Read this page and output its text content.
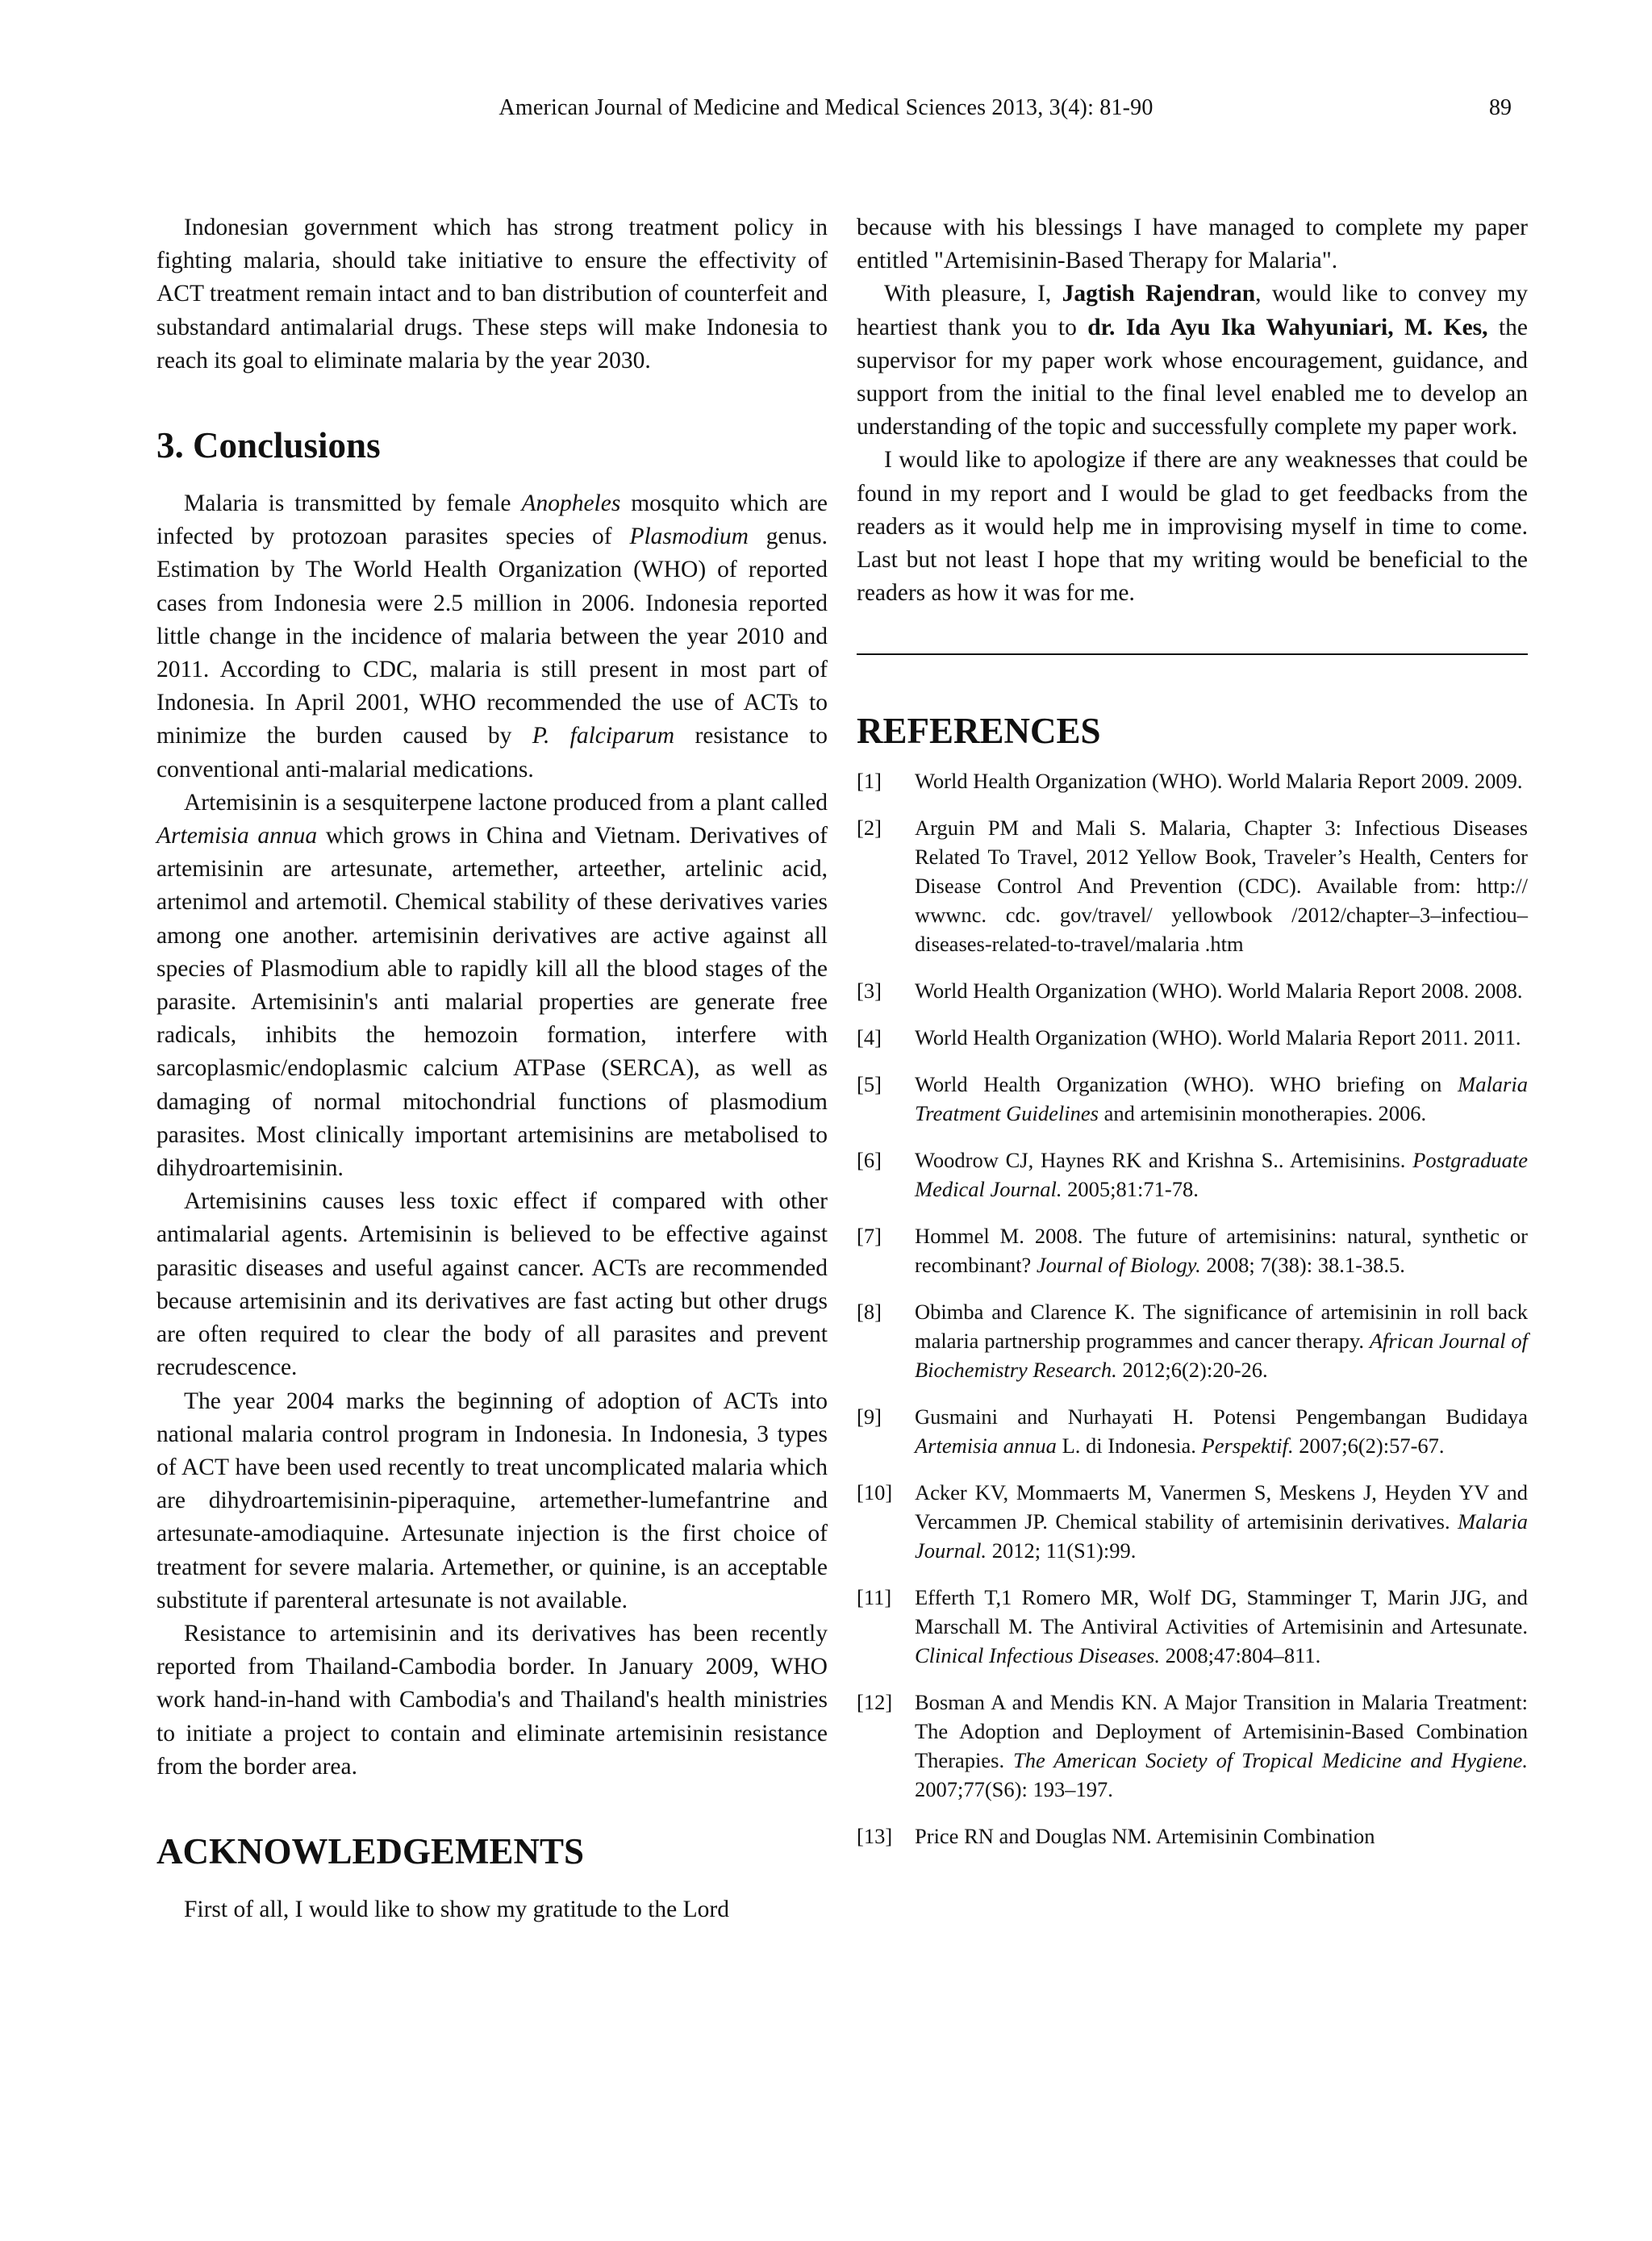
American Journal of Medicine and Medical Sciences 2013, 3(4): 81-90	89

Indonesian government which has strong treatment policy in fighting malaria, should take initiative to ensure the effectivity of ACT treatment remain intact and to ban distribution of counterfeit and substandard antimalarial drugs. These steps will make Indonesia to reach its goal to eliminate malaria by the year 2030.

3. Conclusions

Malaria is transmitted by female Anopheles mosquito which are infected by protozoan parasites species of Plasmodium genus. Estimation by The World Health Organization (WHO) of reported cases from Indonesia were 2.5 million in 2006. Indonesia reported little change in the incidence of malaria between the year 2010 and 2011. According to CDC, malaria is still present in most part of Indonesia. In April 2001, WHO recommended the use of ACTs to minimize the burden caused by P. falciparum resistance to conventional anti-malarial medications.

Artemisinin is a sesquiterpene lactone produced from a plant called Artemisia annua which grows in China and Vietnam. Derivatives of artemisinin are artesunate, artemether, arteether, artelinic acid, artenimol and artemotil. Chemical stability of these derivatives varies among one another. artemisinin derivatives are active against all species of Plasmodium able to rapidly kill all the blood stages of the parasite. Artemisinin's anti malarial properties are generate free radicals, inhibits the hemozoin formation, interfere with sarcoplasmic/endoplasmic calcium ATPase (SERCA), as well as damaging of normal mitochondrial functions of plasmodium parasites. Most clinically important artemisinins are metabolised to dihydroartemisinin.

Artemisinins causes less toxic effect if compared with other antimalarial agents. Artemisinin is believed to be effective against parasitic diseases and useful against cancer. ACTs are recommended because artemisinin and its derivatives are fast acting but other drugs are often required to clear the body of all parasites and prevent recrudescence.

The year 2004 marks the beginning of adoption of ACTs into national malaria control program in Indonesia. In Indonesia, 3 types of ACT have been used recently to treat uncomplicated malaria which are dihydroartemisinin-piperaquine, artemether-lumefantrine and artesunate-amodiaquine. Artesunate injection is the first choice of treatment for severe malaria. Artemether, or quinine, is an acceptable substitute if parenteral artesunate is not available.

Resistance to artemisinin and its derivatives has been recently reported from Thailand-Cambodia border. In January 2009, WHO work hand-in-hand with Cambodia's and Thailand's health ministries to initiate a project to contain and eliminate artemisinin resistance from the border area.

ACKNOWLEDGEMENTS

First of all, I would like to show my gratitude to the Lord

because with his blessings I have managed to complete my paper entitled "Artemisinin-Based Therapy for Malaria".

With pleasure, I, Jagtish Rajendran, would like to convey my heartiest thank you to dr. Ida Ayu Ika Wahyuniari, M. Kes, the supervisor for my paper work whose encouragement, guidance, and support from the initial to the final level enabled me to develop an understanding of the topic and successfully complete my paper work.

I would like to apologize if there are any weaknesses that could be found in my report and I would be glad to get feedbacks from the readers as it would help me in improvising myself in time to come. Last but not least I hope that my writing would be beneficial to the readers as how it was for me.

REFERENCES
[1]	World Health Organization (WHO). World Malaria Report 2009. 2009.
[2]	Arguin PM and Mali S. Malaria, Chapter 3: Infectious Diseases Related To Travel, 2012 Yellow Book, Traveler’s Health, Centers for Disease Control And Prevention (CDC). Available from: http:// wwwnc. cdc. gov/travel/ yellowbook /2012/chapter–3–infectiou–diseases-related-to-travel/malaria .htm
[3]	World Health Organization (WHO). World Malaria Report 2008. 2008.
[4]	World Health Organization (WHO). World Malaria Report 2011. 2011.
[5]	World Health Organization (WHO). WHO briefing on Malaria Treatment Guidelines and artemisinin monotherapies. 2006.
[6]	Woodrow CJ, Haynes RK and Krishna S.. Artemisinins. Postgraduate Medical Journal. 2005;81:71-78.
[7]	Hommel M. 2008. The future of artemisinins: natural, synthetic or recombinant? Journal of Biology. 2008; 7(38): 38.1-38.5.
[8]	Obimba and Clarence K. The significance of artemisinin in roll back malaria partnership programmes and cancer therapy. African Journal of Biochemistry Research. 2012;6(2):20-26.
[9]	Gusmaini and Nurhayati H. Potensi Pengembangan Budidaya Artemisia annua L. di Indonesia. Perspektif. 2007;6(2):57-67.
[10]	Acker KV, Mommaerts M, Vanermen S, Meskens J, Heyden YV and Vercammen JP. Chemical stability of artemisinin derivatives. Malaria Journal. 2012; 11(S1):99.
[11]	Efferth T,1 Romero MR, Wolf DG, Stamminger T, Marin JJG, and Marschall M. The Antiviral Activities of Artemisinin and Artesunate. Clinical Infectious Diseases. 2008;47:804–811.
[12]	Bosman A and Mendis KN. A Major Transition in Malaria Treatment: The Adoption and Deployment of Artemisinin-Based Combination Therapies. The American Society of Tropical Medicine and Hygiene. 2007;77(S6): 193–197.
[13]	Price RN and Douglas NM. Artemisinin Combination
